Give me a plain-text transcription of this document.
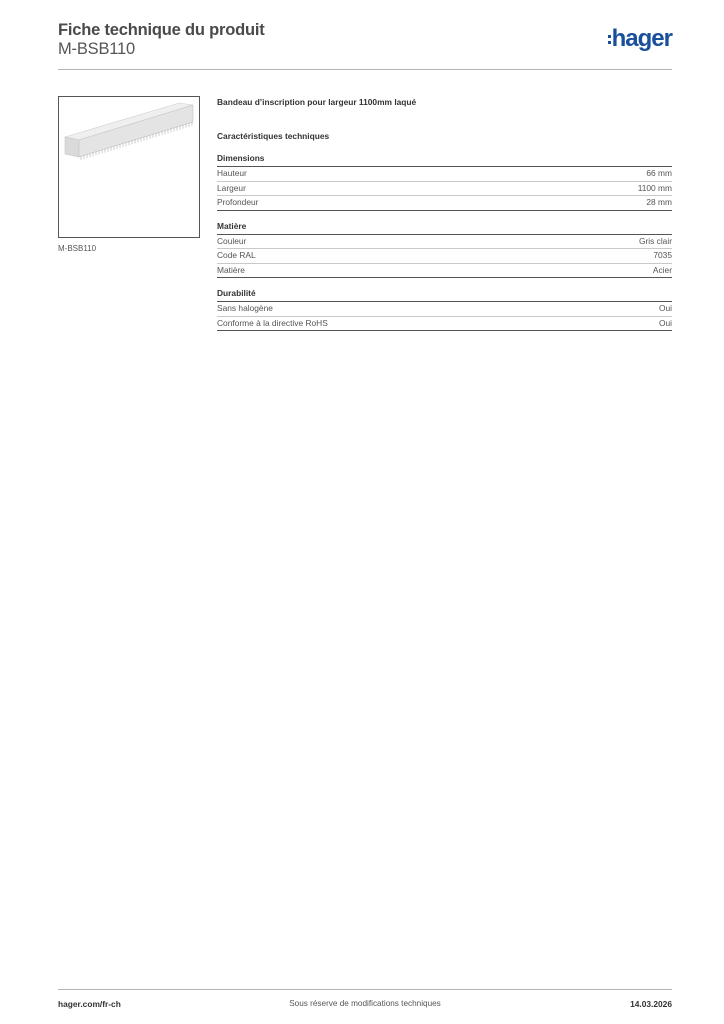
Fiche technique du produit
M-BSB110	hager
M-BSB110
Bandeau d’inscription pour largeur 1100mm laqué
Caractéristiques techniques
Dimensions
Hauteur	66 mm
Largeur	1100 mm
Profondeur	28 mm
Matière
Couleur	Gris clair
Code RAL	7035
Matière	Acier
Durabilité
Sans halogène	Oui
Conforme à la directive RoHS	Oui
hager.com/fr-ch	Sous réserve de modifications techniques	14.03.2026
